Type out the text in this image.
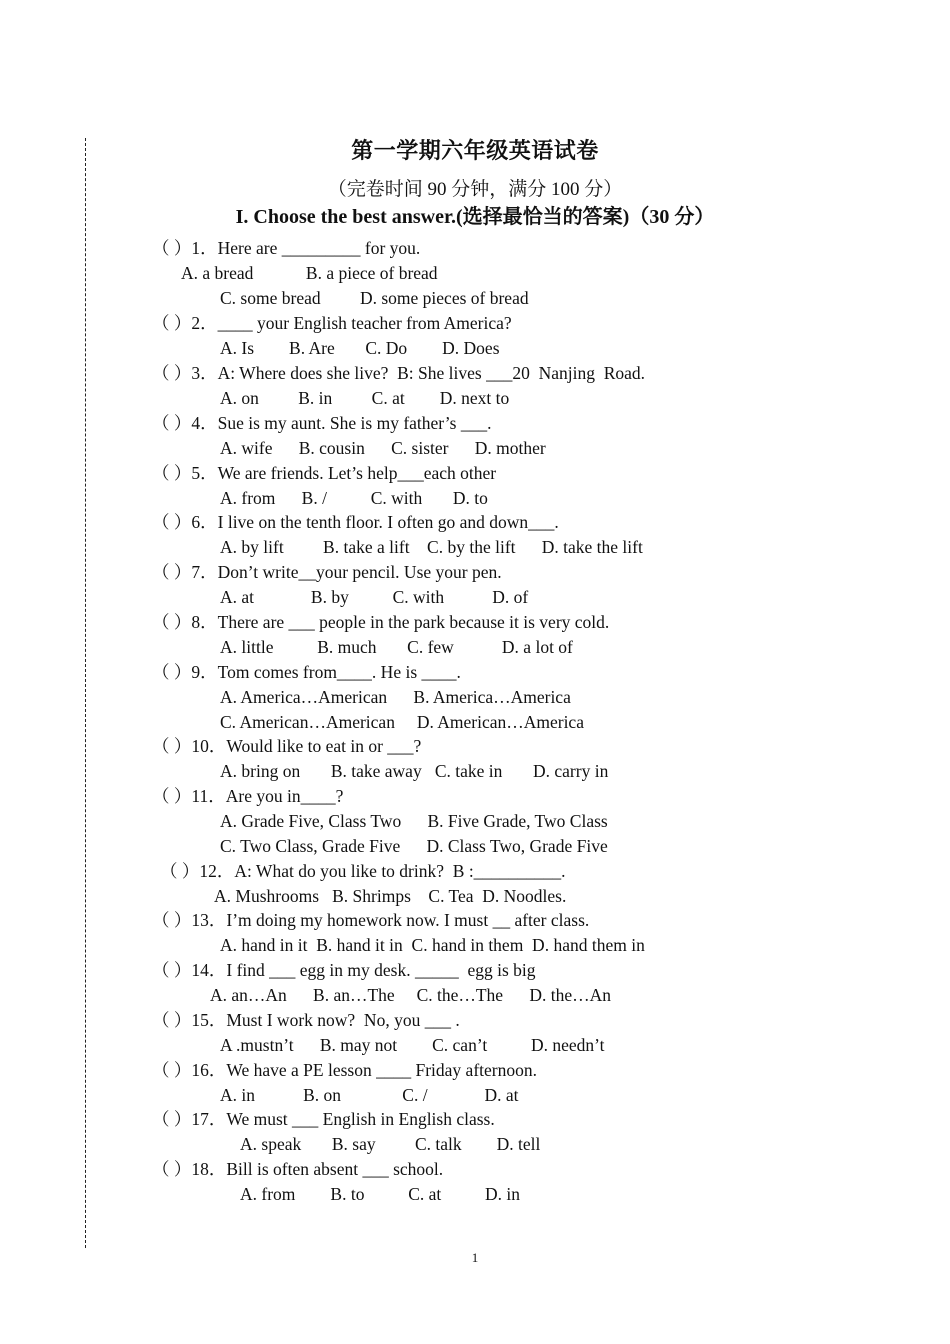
第一学期六年级英语试卷
（完卷时间 90 分钟，满分 100 分）
I. Choose the best answer.(选择最恰当的答案)（30 分）
（ ）1．Here are _________ for you.
A. a bread            B. a piece of bread
C. some bread         D. some pieces of bread
（ ）2．____ your English teacher from America?
A. Is        B. Are       C. Do        D. Does
（ ）3．A: Where does she live?  B: She lives ___20  Nanjing  Road.
A. on         B. in         C. at        D. next to
（ ）4．Sue is my aunt. She is my father’s ___.
A. wife      B. cousin      C. sister      D. mother
（ ）5．We are friends. Let’s help___each other
A. from      B. /          C. with       D. to
（ ）6．I live on the tenth floor. I often go and down___.
A. by lift         B. take a lift    C. by the lift      D. take the lift
（ ）7．Don’t write__your pencil. Use your pen.
A. at             B. by          C. with           D. of
（ ）8．There are ___ people in the park because it is very cold.
A. little          B. much       C. few           D. a lot of
（ ）9．Tom comes from____. He is ____.
A. America…American      B. America…America
C. American…American     D. American…America
（ ）10．Would like to eat in or ___?
A. bring on       B. take away   C. take in       D. carry in
（ ）11．Are you in____?
A. Grade Five, Class Two      B. Five Grade, Two Class
C. Two Class, Grade Five      D. Class Two, Grade Five
（ ）12．A: What do you like to drink?  B :__________.
A. Mushrooms   B. Shrimps    C. Tea  D. Noodles.
（ ）13．I’m doing my homework now. I must __ after class.
A. hand in it  B. hand it in  C. hand in them  D. hand them in
（ ）14．I find ___ egg in my desk. _____  egg is big
A. an…An      B. an…The     C. the…The      D. the…An
（ ）15．Must I work now?  No, you ___ .
A .mustn’t      B. may not        C. can’t          D. needn’t
（ ）16．We have a PE lesson ____ Friday afternoon.
A. in           B. on              C. /             D. at
（ ）17．We must ___ English in English class.
A. speak       B. say         C. talk        D. tell
（ ）18．Bill is often absent ___ school.
A. from        B. to          C. at          D. in
1
